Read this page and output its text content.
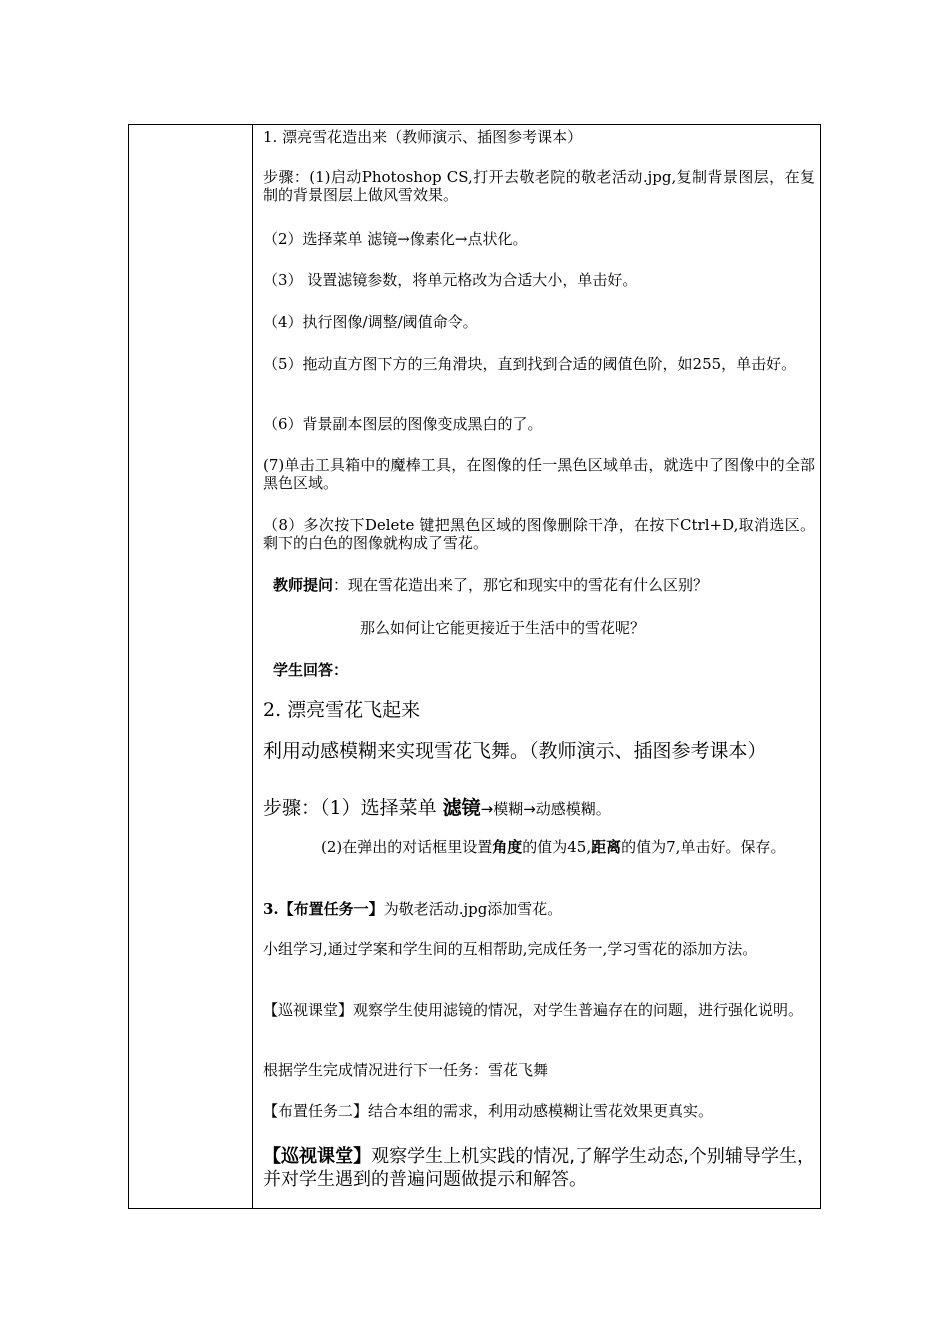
1. 漂亮雪花造出来（教师演示、插图参考课本）
步骤：(1)启动Photoshop CS,打开去敬老院的敬老活动.jpg,复制背景图层，在复制的背景图层上做风雪效果。
（2）选择菜单 滤镜→像素化→点状化。
（3） 设置滤镜参数，将单元格改为合适大小，单击好。
（4）执行图像/调整/阈值命令。
（5）拖动直方图下方的三角滑块，直到找到合适的阈值色阶，如255，单击好。
（6）背景副本图层的图像变成黑白的了。
(7)单击工具箱中的魔棒工具，在图像的任一黑色区域单击，就选中了图像中的全部黑色区域。
（8）多次按下Delete 键把黑色区域的图像删除干净，在按下Ctrl+D,取消选区。剩下的白色的图像就构成了雪花。
教师提问：现在雪花造出来了，那它和现实中的雪花有什么区别？
那么如何让它能更接近于生活中的雪花呢？
学生回答：
2. 漂亮雪花飞起来
利用动感模糊来实现雪花飞舞。（教师演示、插图参考课本）
步骤：（1）选择菜单 滤镜→模糊→动感模糊。
(2)在弹出的对话框里设置角度的值为45,距离的值为7,单击好。保存。
3.【布置任务一】为敬老活动.jpg添加雪花。
小组学习,通过学案和学生间的互相帮助,完成任务一,学习雪花的添加方法。
【巡视课堂】观察学生使用滤镜的情况，对学生普遍存在的问题，进行强化说明。
根据学生完成情况进行下一任务：雪花飞舞
【布置任务二】结合本组的需求，利用动感模糊让雪花效果更真实。
【巡视课堂】观察学生上机实践的情况,了解学生动态,个别辅导学生，并对学生遇到的普遍问题做提示和解答。
